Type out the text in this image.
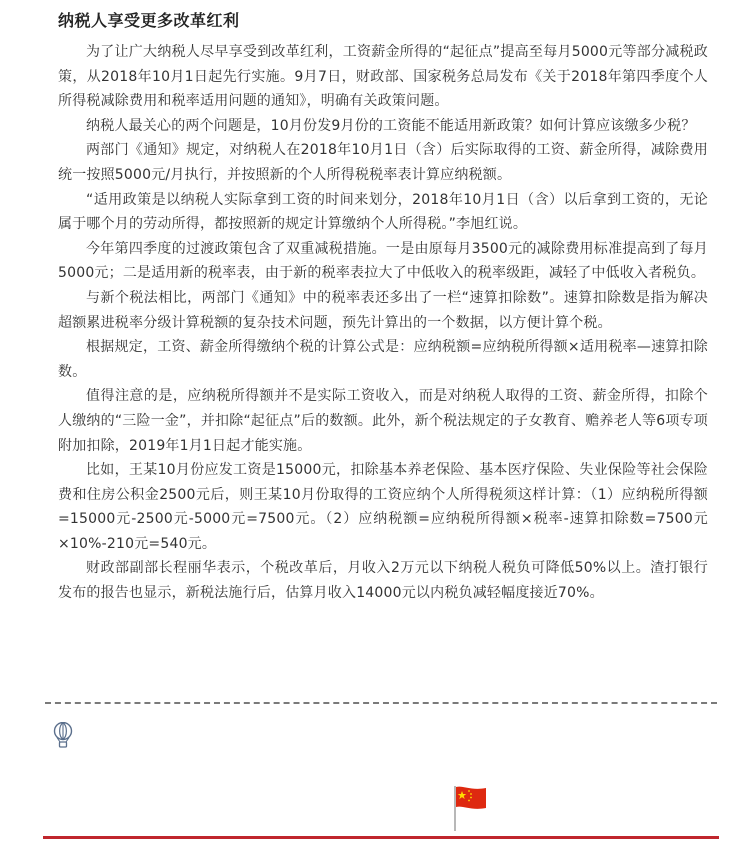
纳税人享受更多改革红利

为了让广大纳税人尽早享受到改革红利，工资薪金所得的“起征点”提高至每月5000元等部分减税政策，从2018年10月1日起先行实施。9月7日，财政部、国家税务总局发布《关于2018年第四季度个人所得税减除费用和税率适用问题的通知》，明确有关政策问题。

纳税人最关心的两个问题是，10月份发9月份的工资能不能适用新政策？如何计算应该缴多少税？

两部门《通知》规定，对纳税人在2018年10月1日（含）后实际取得的工资、薪金所得，减除费用统一按照5000元/月执行，并按照新的个人所得税税率表计算应纳税额。

“适用政策是以纳税人实际拿到工资的时间来划分，2018年10月1日（含）以后拿到工资的，无论属于哪个月的劳动所得，都按照新的规定计算缴纳个人所得税。”李旭红说。

今年第四季度的过渡政策包含了双重减税措施。一是由原每月3500元的减除费用标准提高到了每月5000元；二是适用新的税率表，由于新的税率表拉大了中低收入的税率级距，减轻了中低收入者税负。

与新个税法相比，两部门《通知》中的税率表还多出了一栏“速算扣除数”。速算扣除数是指为解决超额累进税率分级计算税额的复杂技术问题，预先计算出的一个数据，以方便计算个税。

根据规定，工资、薪金所得缴纳个税的计算公式是：应纳税额=应纳税所得额×适用税率—速算扣除数。

值得注意的是，应纳税所得额并不是实际工资收入，而是对纳税人取得的工资、薪金所得，扣除个人缴纳的“三险一金”，并扣除“起征点”后的数额。此外，新个税法规定的子女教育、赡养老人等6项专项附加扣除，2019年1月1日起才能实施。

比如，王某10月份应发工资是15000元，扣除基本养老保险、基本医疗保险、失业保险等社会保险费和住房公积金2500元后，则王某10月份取得的工资应纳个人所得税须这样计算：（1）应纳税所得额=15000元-2500元-5000元=7500元。（2）应纳税额=应纳税所得额×税率-速算扣除数=7500元×10%-210元=540元。

财政部副部长程丽华表示，个税改革后，月收入2万元以下纳税人税负可降低50%以上。渣打银行发布的报告也显示，新税法施行后，估算月收入14000元以内税负减轻幅度接近70%。
